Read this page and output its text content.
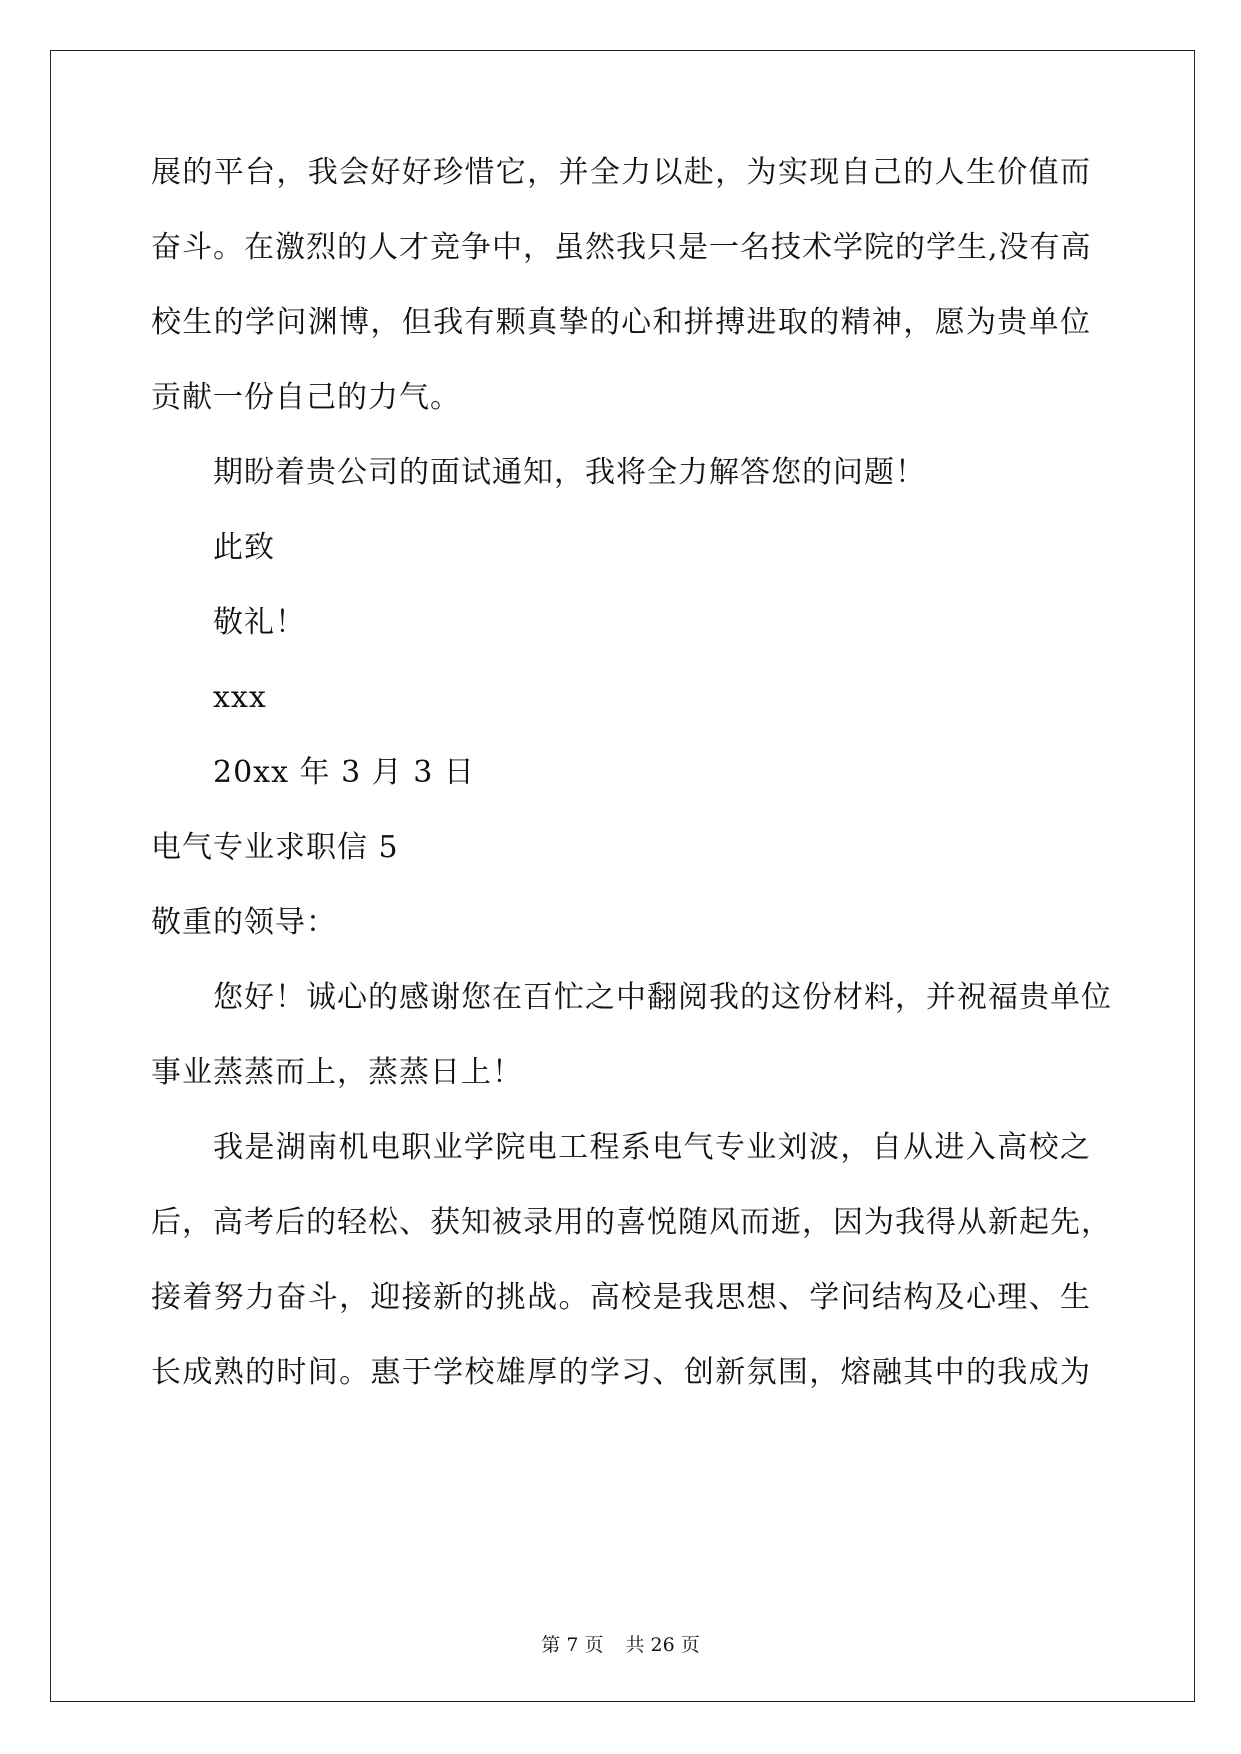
展的平台，我会好好珍惜它，并全力以赴，为实现自己的人生价值而
奋斗。在激烈的人才竞争中，虽然我只是一名技术学院的学生,没有高
校生的学问渊博，但我有颗真挚的心和拼搏进取的精神，愿为贵单位
贡献一份自己的力气。
期盼着贵公司的面试通知，我将全力解答您的问题！
此致
敬礼！
xxx
20xx 年 3 月 3 日
电气专业求职信 5
敬重的领导：
您好！诚心的感谢您在百忙之中翻阅我的这份材料，并祝福贵单位
事业蒸蒸而上，蒸蒸日上！
我是湖南机电职业学院电工程系电气专业刘波，自从进入高校之
后，高考后的轻松、获知被录用的喜悦随风而逝，因为我得从新起先，
接着努力奋斗，迎接新的挑战。高校是我思想、学问结构及心理、生
长成熟的时间。惠于学校雄厚的学习、创新氛围，熔融其中的我成为
第 7 页 共 26 页
